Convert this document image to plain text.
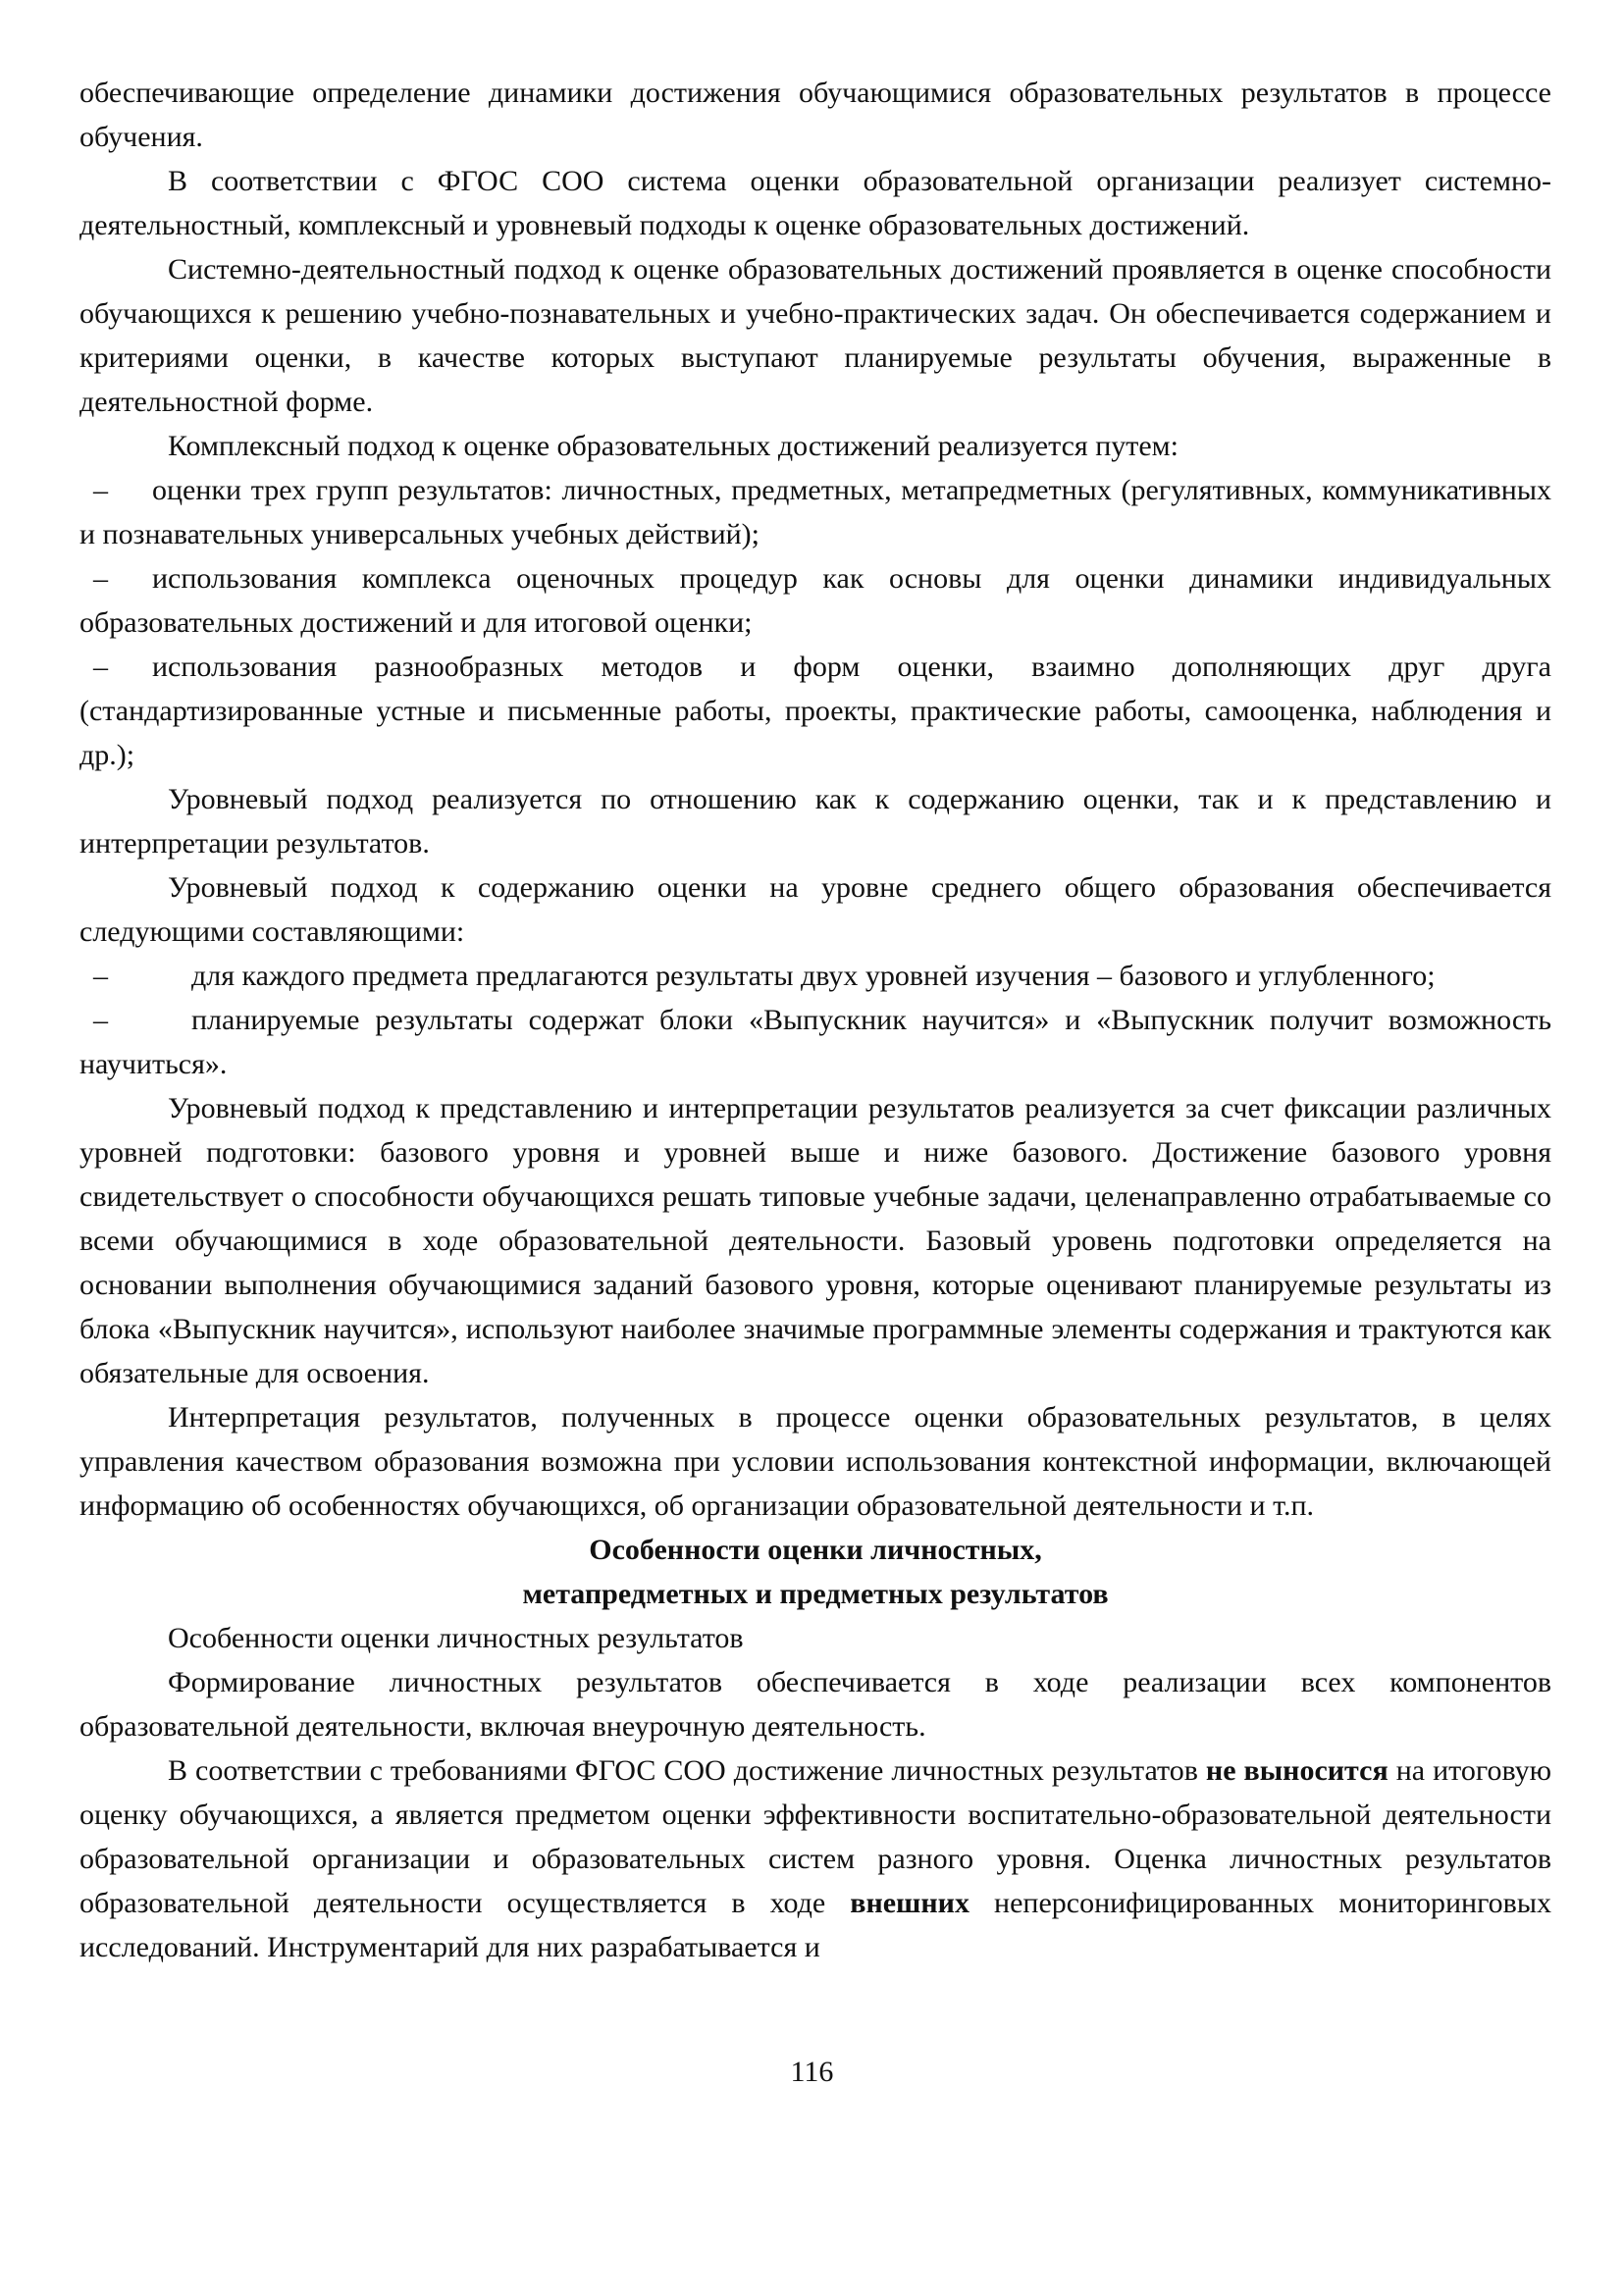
обеспечивающие определение динамики достижения обучающимися образовательных результатов в процессе обучения.

В соответствии с ФГОС СОО система оценки образовательной организации реализует системно-деятельностный, комплексный и уровневый подходы к оценке образовательных достижений.

Системно-деятельностный подход к оценке образовательных достижений проявляется в оценке способности обучающихся к решению учебно-познавательных и учебно-практических задач. Он обеспечивается содержанием и критериями оценки, в качестве которых выступают планируемые результаты обучения, выраженные в деятельностной форме.

Комплексный подход к оценке образовательных достижений реализуется путем:

– оценки трех групп результатов: личностных, предметных, метапредметных (регулятивных, коммуникативных и познавательных универсальных учебных действий);

– использования комплекса оценочных процедур как основы для оценки динамики индивидуальных образовательных достижений и для итоговой оценки;

– использования разнообразных методов и форм оценки, взаимно дополняющих друг друга (стандартизированные устные и письменные работы, проекты, практические работы, самооценка, наблюдения и др.);

Уровневый подход реализуется по отношению как к содержанию оценки, так и к представлению и интерпретации результатов.

Уровневый подход к содержанию оценки на уровне среднего общего образования обеспечивается следующими составляющими:

–	для каждого предмета предлагаются результаты двух уровней изучения – базового и углубленного;

–	планируемые результаты содержат блоки «Выпускник научится» и «Выпускник получит возможность научиться».

Уровневый подход к представлению и интерпретации результатов реализуется за счет фиксации различных уровней подготовки: базового уровня и уровней выше и ниже базового. Достижение базового уровня свидетельствует о способности обучающихся решать типовые учебные задачи, целенаправленно отрабатываемые со всеми обучающимися в ходе образовательной деятельности. Базовый уровень подготовки определяется на основании выполнения обучающимися заданий базового уровня, которые оценивают планируемые результаты из блока «Выпускник научится», используют наиболее значимые программные элементы содержания и трактуются как обязательные для освоения.

Интерпретация результатов, полученных в процессе оценки образовательных результатов, в целях управления качеством образования возможна при условии использования контекстной информации, включающей информацию об особенностях обучающихся, об организации образовательной деятельности и т.п.

Особенности оценки личностных,

метапредметных и предметных результатов

Особенности оценки личностных результатов

Формирование личностных результатов обеспечивается в ходе реализации всех компонентов образовательной деятельности, включая внеурочную деятельность.

В соответствии с требованиями ФГОС СОО достижение личностных результатов не выносится на итоговую оценку обучающихся, а является предметом оценки эффективности воспитательно-образовательной деятельности образовательной организации и образовательных систем разного уровня. Оценка личностных результатов образовательной деятельности осуществляется в ходе внешних неперсонифицированных мониторинговых исследований. Инструментарий для них разрабатывается и

116
